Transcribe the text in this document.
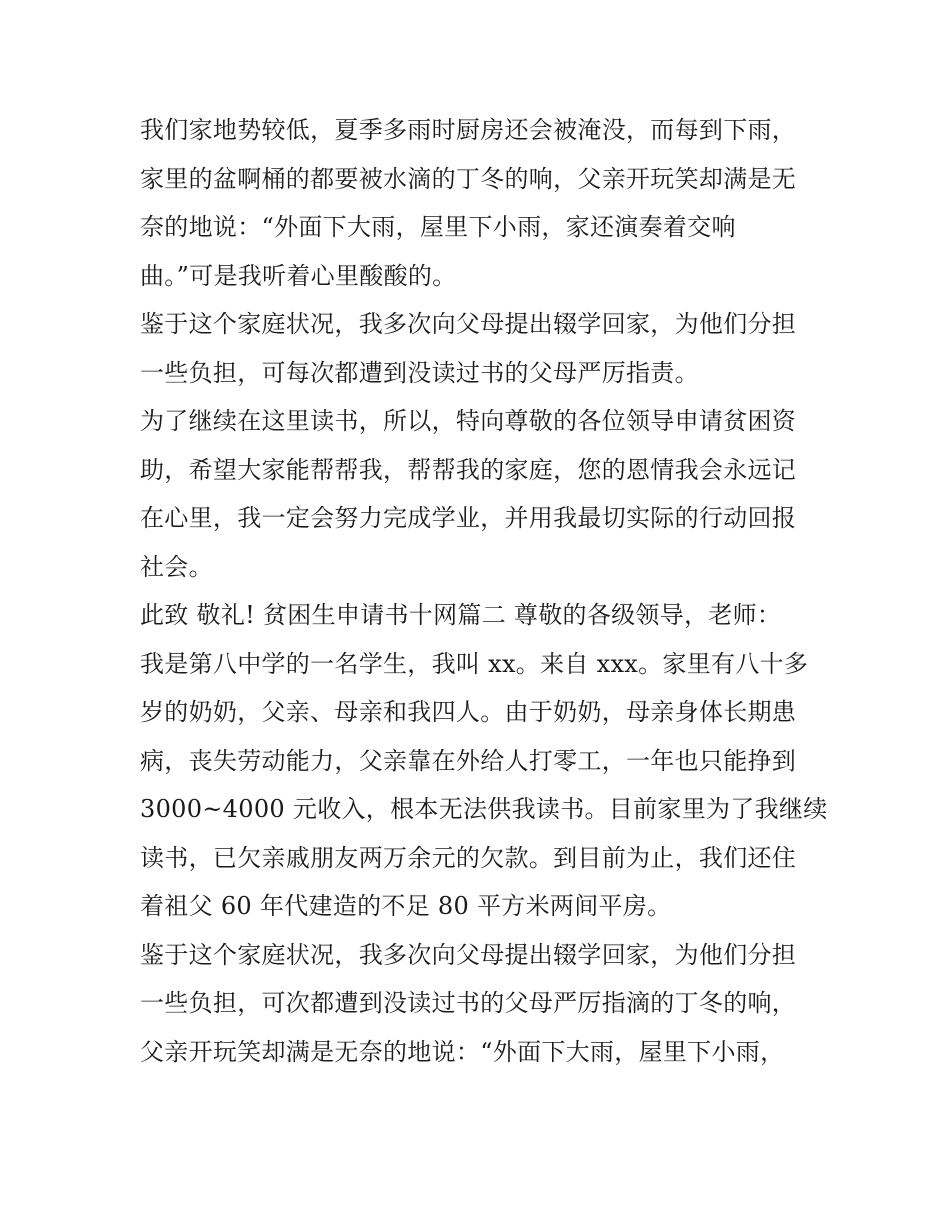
我们家地势较低，夏季多雨时厨房还会被淹没，而每到下雨，
家里的盆啊桶的都要被水滴的丁冬的响，父亲开玩笑却满是无
奈的地说：“外面下大雨，屋里下小雨，家还演奏着交响
曲。”可是我听着心里酸酸的。
鉴于这个家庭状况，我多次向父母提出辍学回家，为他们分担
一些负担，可每次都遭到没读过书的父母严厉指责。
为了继续在这里读书，所以，特向尊敬的各位领导申请贫困资
助，希望大家能帮帮我，帮帮我的家庭，您的恩情我会永远记
在心里，我一定会努力完成学业，并用我最切实际的行动回报
社会。
此致 敬礼! 贫困生申请书十网篇二 尊敬的各级领导，老师：
我是第八中学的一名学生，我叫 xx。来自 xxx。家里有八十多
岁的奶奶，父亲、母亲和我四人。由于奶奶，母亲身体长期患
病，丧失劳动能力，父亲靠在外给人打零工，一年也只能挣到
3000~4000 元收入，根本无法供我读书。目前家里为了我继续
读书，已欠亲戚朋友两万余元的欠款。到目前为止，我们还住
着祖父 60 年代建造的不足 80 平方米两间平房。
鉴于这个家庭状况，我多次向父母提出辍学回家，为他们分担
一些负担，可次都遭到没读过书的父母严厉指滴的丁冬的响，
父亲开玩笑却满是无奈的地说：“外面下大雨，屋里下小雨，
